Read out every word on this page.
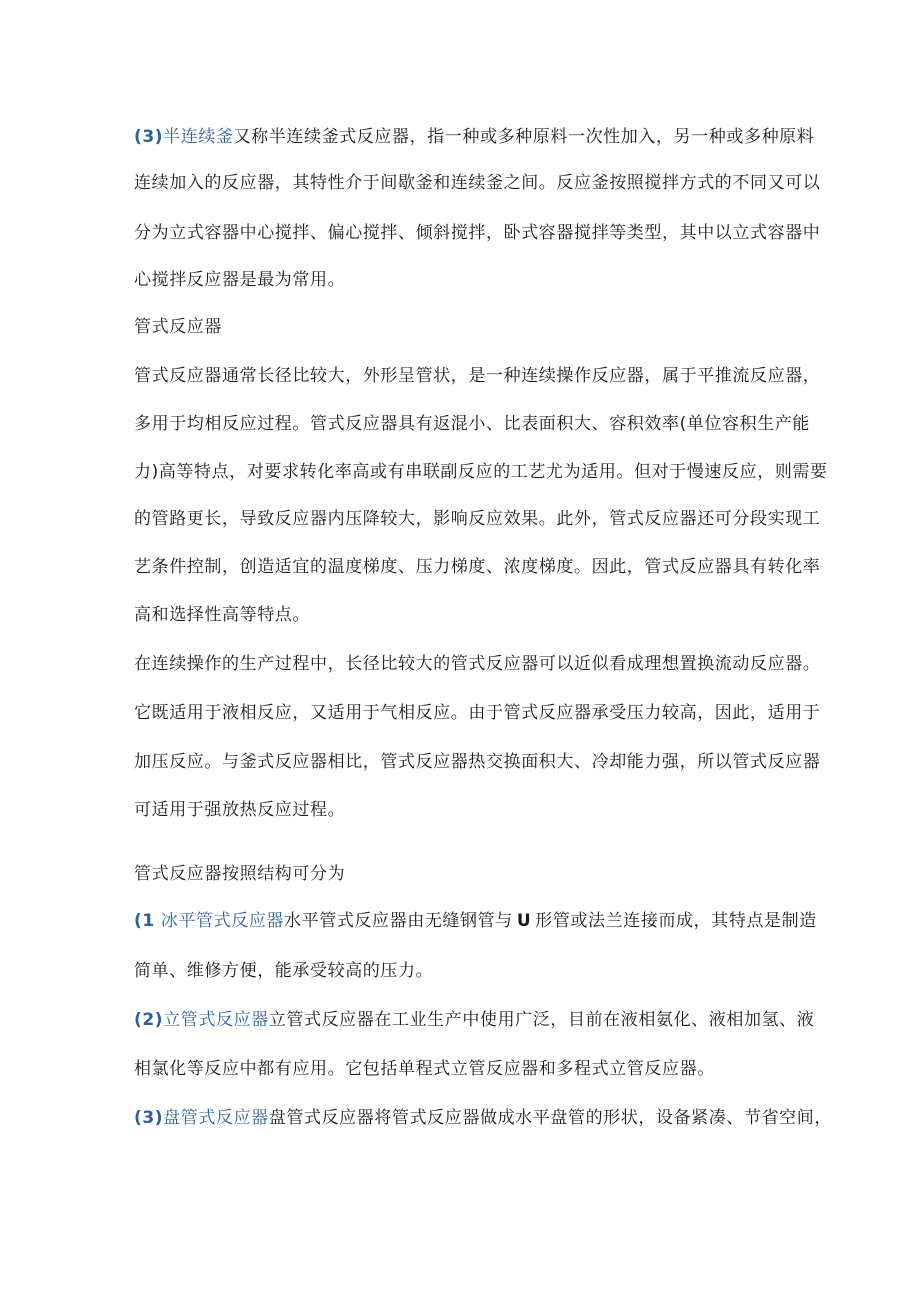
(3)半连续釜又称半连续釜式反应器，指一种或多种原料一次性加入，另一种或多种原料
连续加入的反应器，其特性介于间歇釜和连续釜之间。反应釜按照搅拌方式的不同又可以
分为立式容器中心搅拌、偏心搅拌、倾斜搅拌，卧式容器搅拌等类型，其中以立式容器中
心搅拌反应器是最为常用。
管式反应器
管式反应器通常长径比较大，外形呈管状，是一种连续操作反应器，属于平推流反应器，
多用于均相反应过程。管式反应器具有返混小、比表面积大、容积效率(单位容积生产能
力)高等特点，对要求转化率高或有串联副反应的工艺尤为适用。但对于慢速反应，则需要
的管路更长，导致反应器内压降较大，影响反应效果。此外，管式反应器还可分段实现工
艺条件控制，创造适宜的温度梯度、压力梯度、浓度梯度。因此，管式反应器具有转化率
高和选择性高等特点。
在连续操作的生产过程中，长径比较大的管式反应器可以近似看成理想置换流动反应器。
它既适用于液相反应，又适用于气相反应。由于管式反应器承受压力较高，因此，适用于
加压反应。与釜式反应器相比，管式反应器热交换面积大、冷却能力强，所以管式反应器
可适用于强放热反应过程。
管式反应器按照结构可分为
(1 冰平管式反应器水平管式反应器由无缝钢管与 U 形管或法兰连接而成，其特点是制造
简单、维修方便，能承受较高的压力。
(2)立管式反应器立管式反应器在工业生产中使用广泛，目前在液相氨化、液相加氢、液
相氯化等反应中都有应用。它包括单程式立管反应器和多程式立管反应器。
(3)盘管式反应器盘管式反应器将管式反应器做成水平盘管的形状，设备紧凑、节省空间，
